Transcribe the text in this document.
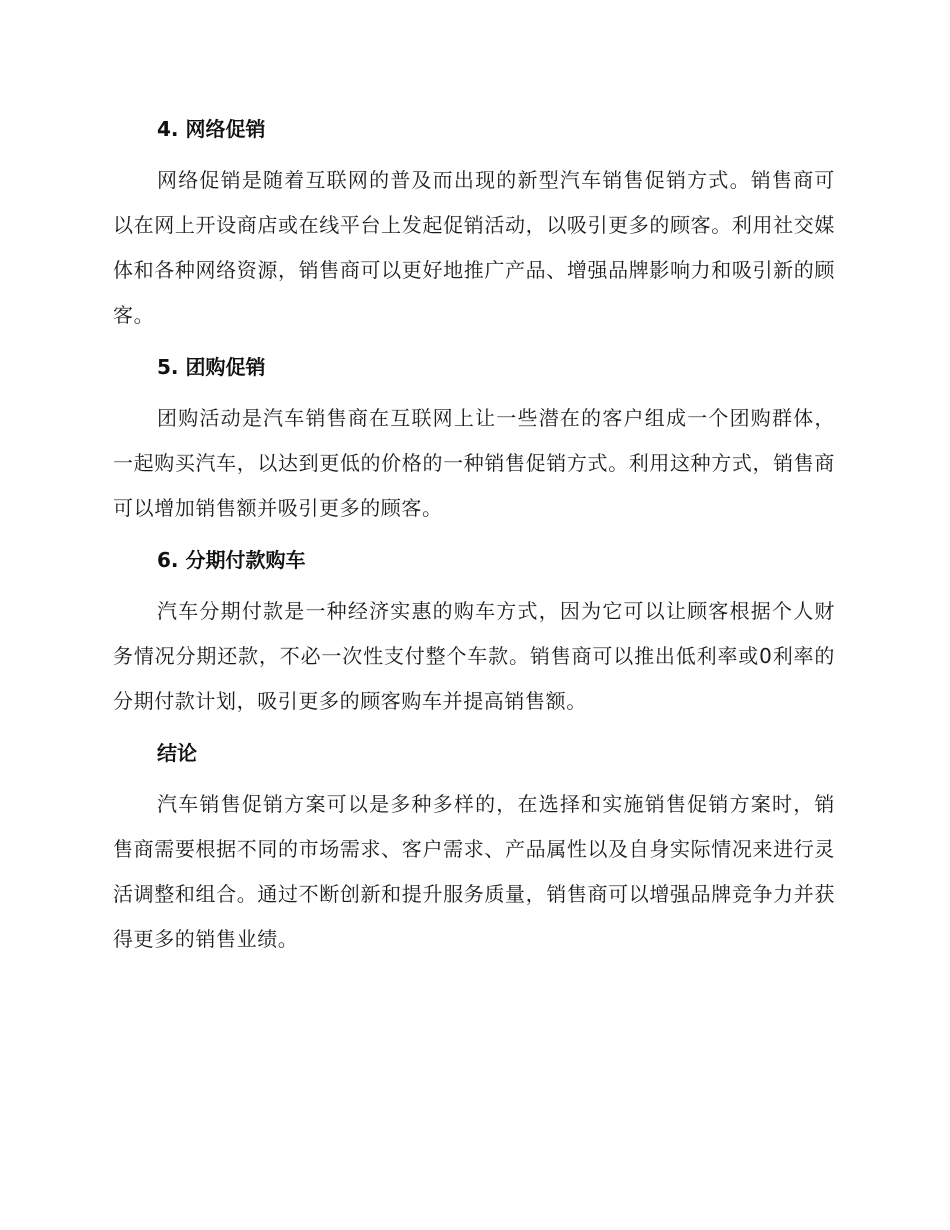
4. 网络促销

网络促销是随着互联网的普及而出现的新型汽车销售促销方式。销售商可以在网上开设商店或在线平台上发起促销活动，以吸引更多的顾客。利用社交媒体和各种网络资源，销售商可以更好地推广产品、增强品牌影响力和吸引新的顾客。

5. 团购促销

团购活动是汽车销售商在互联网上让一些潜在的客户组成一个团购群体，一起购买汽车，以达到更低的价格的一种销售促销方式。利用这种方式，销售商可以增加销售额并吸引更多的顾客。

6. 分期付款购车

汽车分期付款是一种经济实惠的购车方式，因为它可以让顾客根据个人财务情况分期还款，不必一次性支付整个车款。销售商可以推出低利率或0利率的分期付款计划，吸引更多的顾客购车并提高销售额。

结论

汽车销售促销方案可以是多种多样的，在选择和实施销售促销方案时，销售商需要根据不同的市场需求、客户需求、产品属性以及自身实际情况来进行灵活调整和组合。通过不断创新和提升服务质量，销售商可以增强品牌竞争力并获得更多的销售业绩。
